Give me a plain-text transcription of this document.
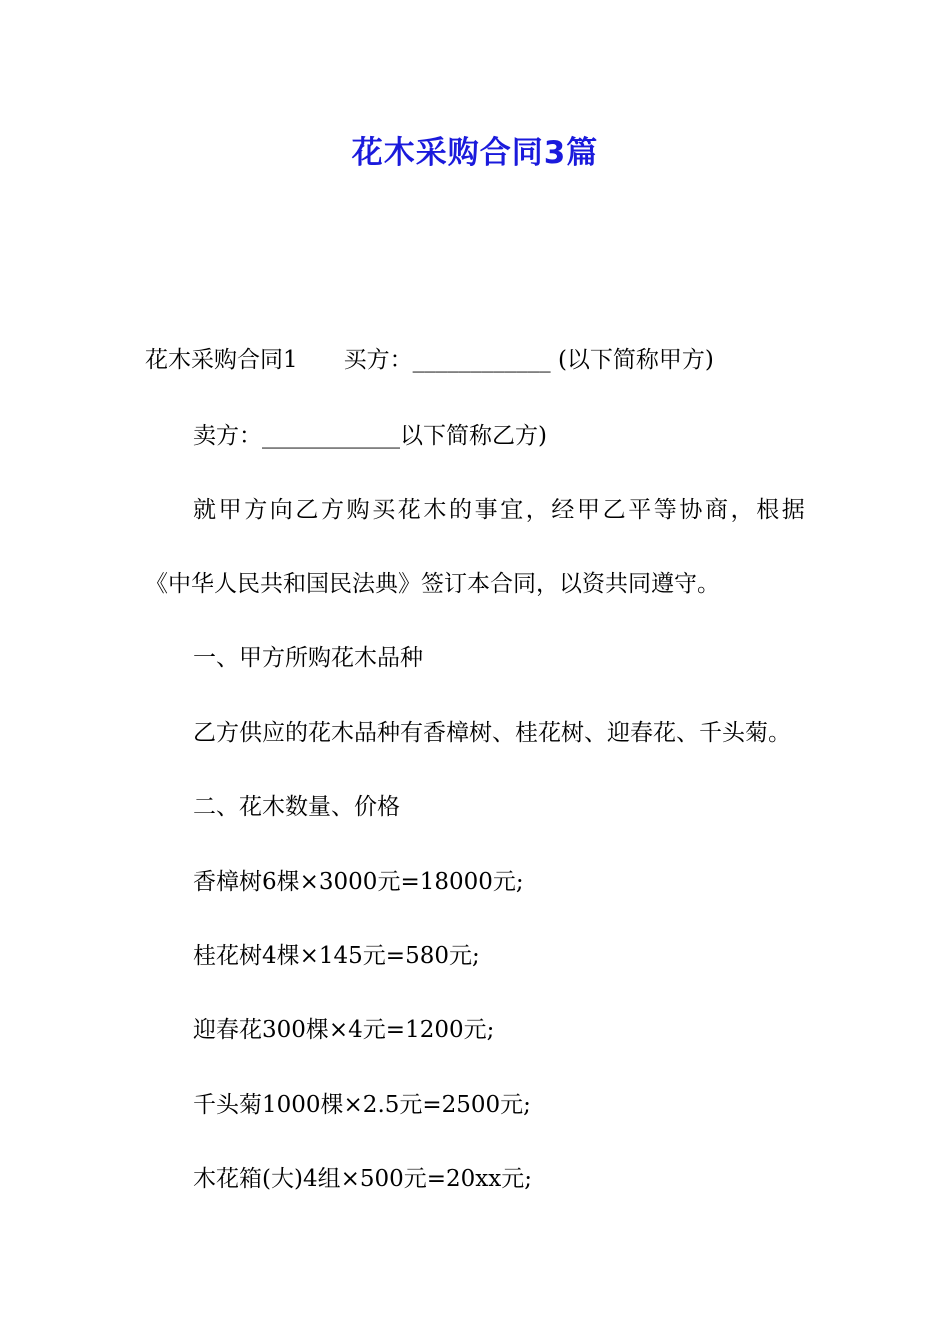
花木采购合同3篇

花木采购合同1 买方：____________ (以下简称甲方)

卖方：____________以下简称乙方)

就甲方向乙方购买花木的事宜，经甲乙平等协商，根据

《中华人民共和国民法典》签订本合同，以资共同遵守。

一、甲方所购花木品种

乙方供应的花木品种有香樟树、桂花树、迎春花、千头菊。

二、花木数量、价格

香樟树6棵×3000元=18000元;

桂花树4棵×145元=580元;

迎春花300棵×4元=1200元;

千头菊1000棵×2.5元=2500元;

木花箱(大)4组×500元=20xx元;
